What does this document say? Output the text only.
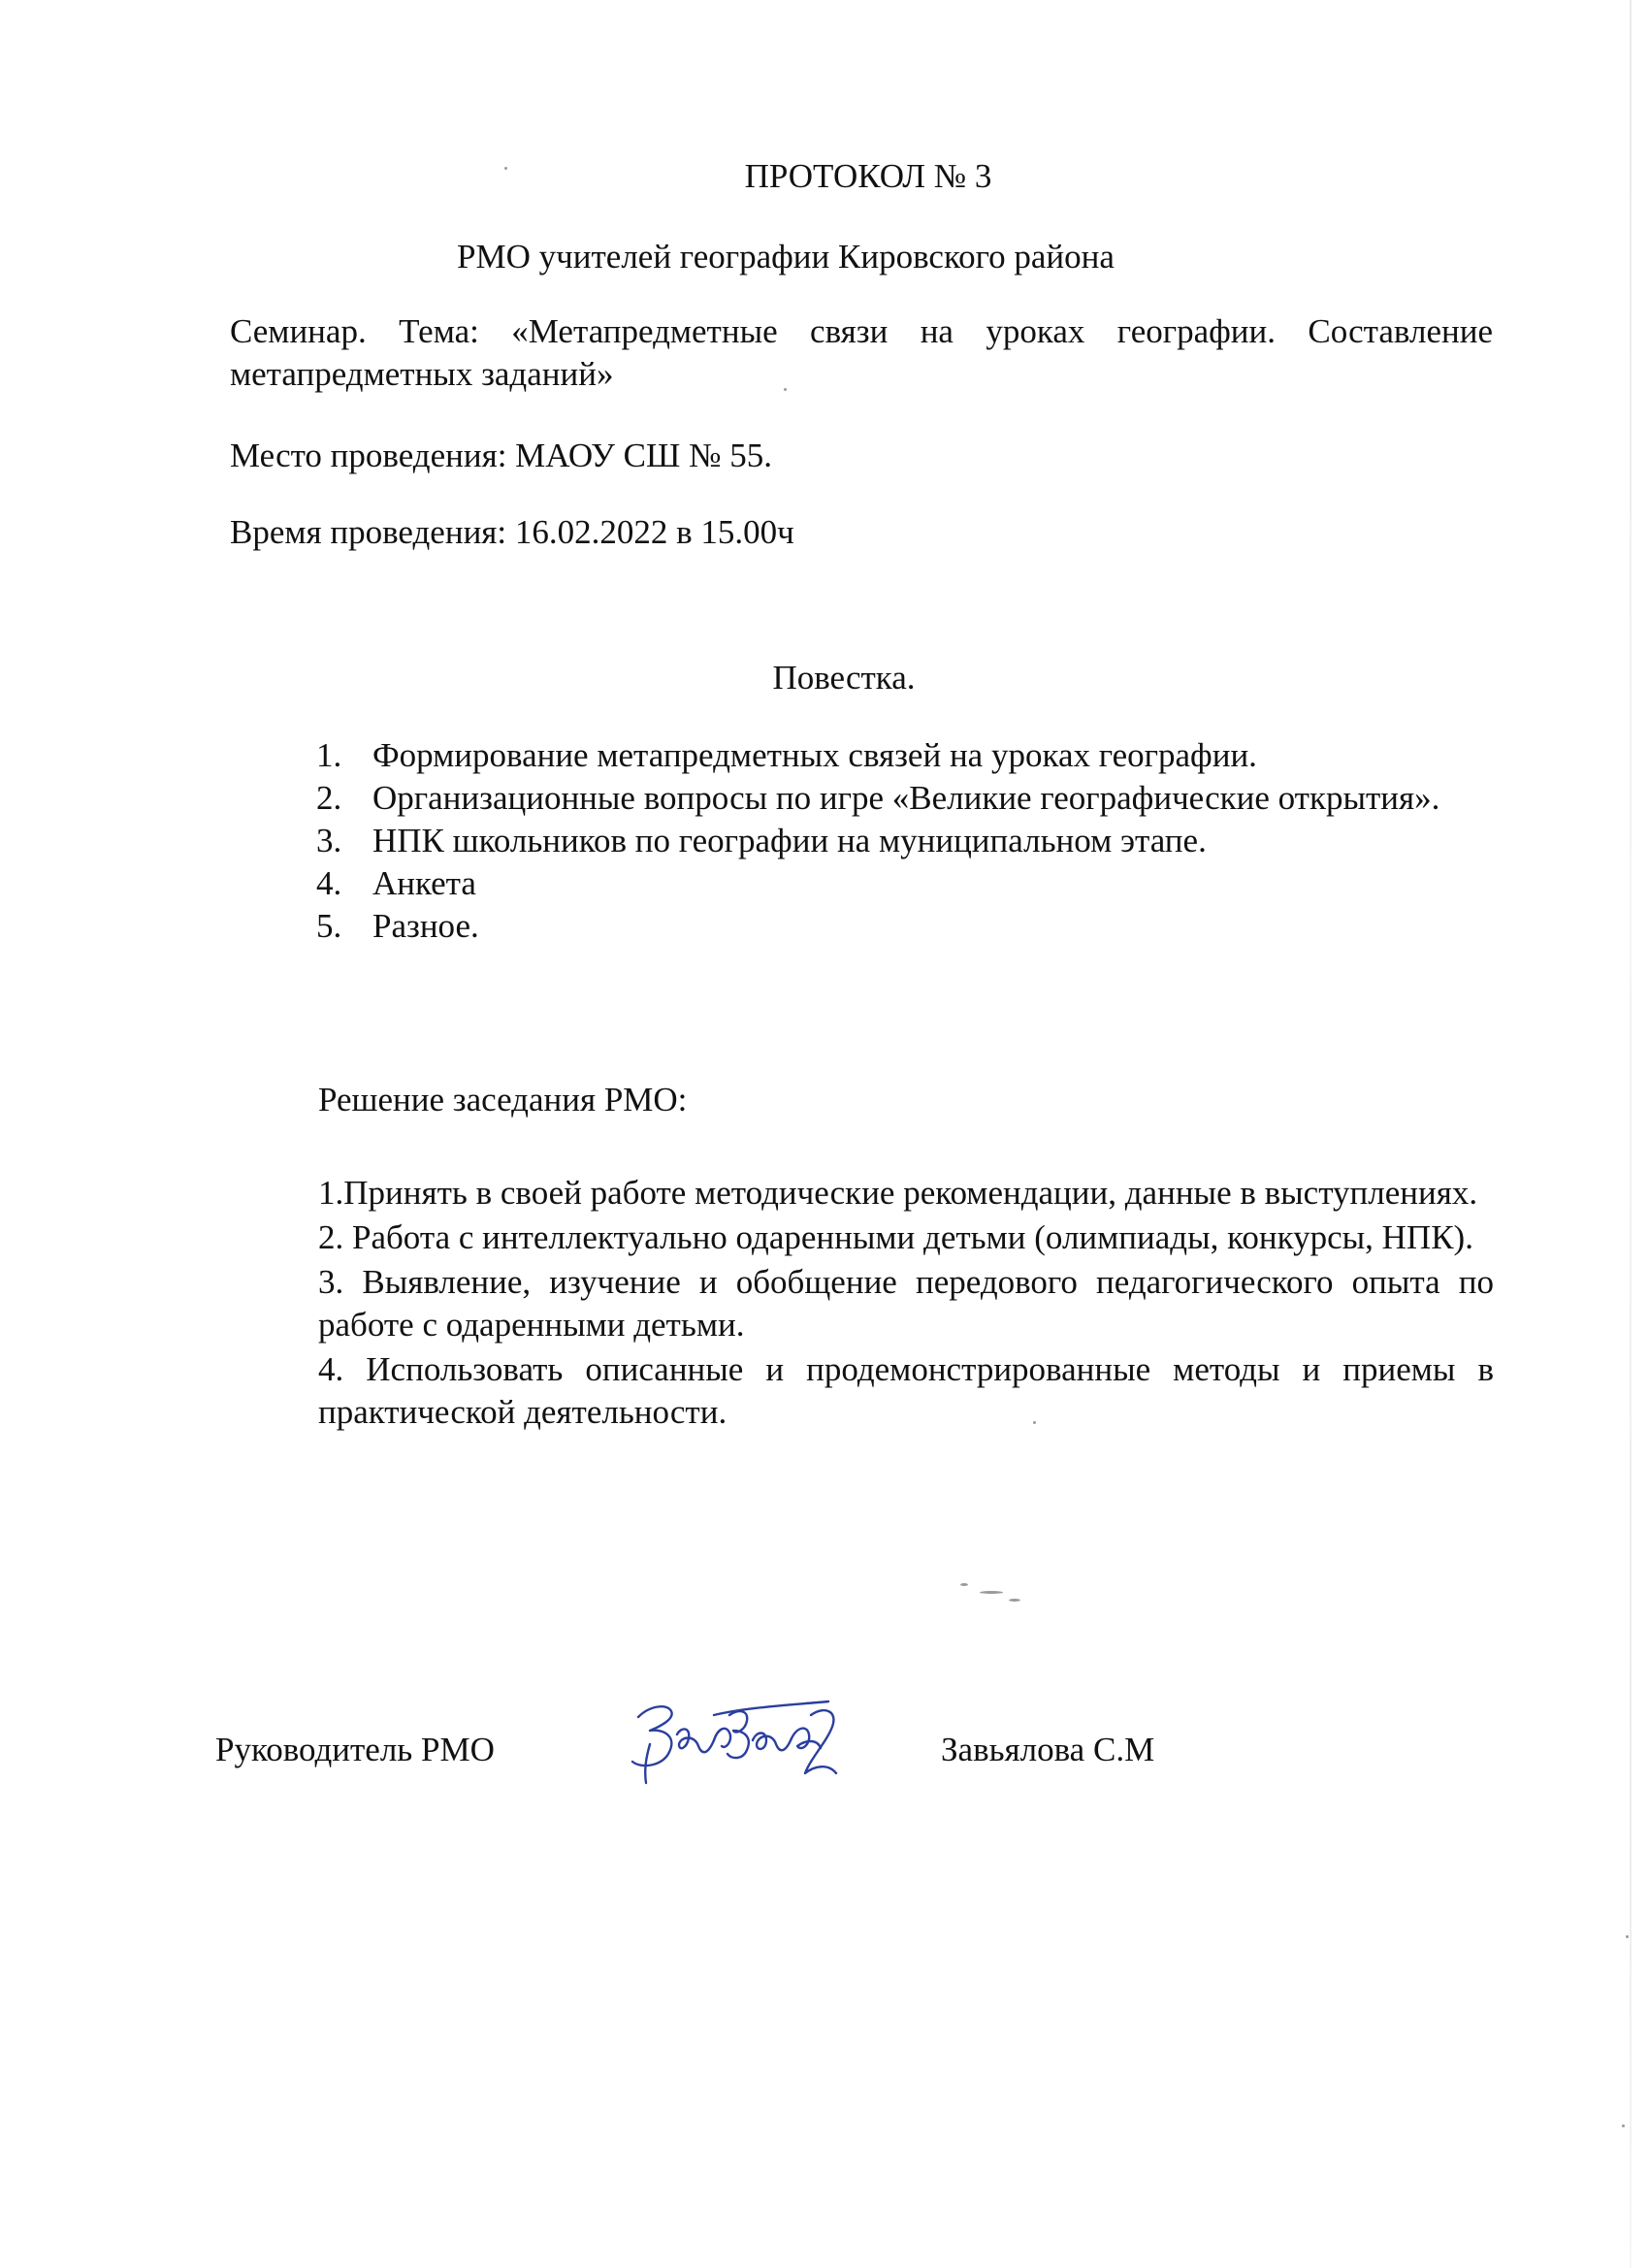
ПРОТОКОЛ № 3
РМО учителей географии Кировского района
Семинар. Тема: «Метапредметные связи на уроках географии. Составление метапредметных заданий»
Место проведения: МАОУ СШ № 55.
Время проведения: 16.02.2022 в 15.00ч
Повестка.
1. Формирование метапредметных связей на уроках географии.
2. Организационные вопросы по игре «Великие географические открытия».
3. НПК школьников по географии на муниципальном этапе.
4. Анкета
5. Разное.
Решение заседания РМО:

1.Принять в своей работе методические рекомендации, данные в выступлениях.

2. Работа с интеллектуально одаренными детьми (олимпиады, конкурсы, НПК).

3. Выявление, изучение и обобщение передового педагогического опыта по работе с одаренными детьми.

4. Использовать описанные и продемонстрированные методы и приемы в практической деятельности.

Руководитель РМО	Завьялова С.М
